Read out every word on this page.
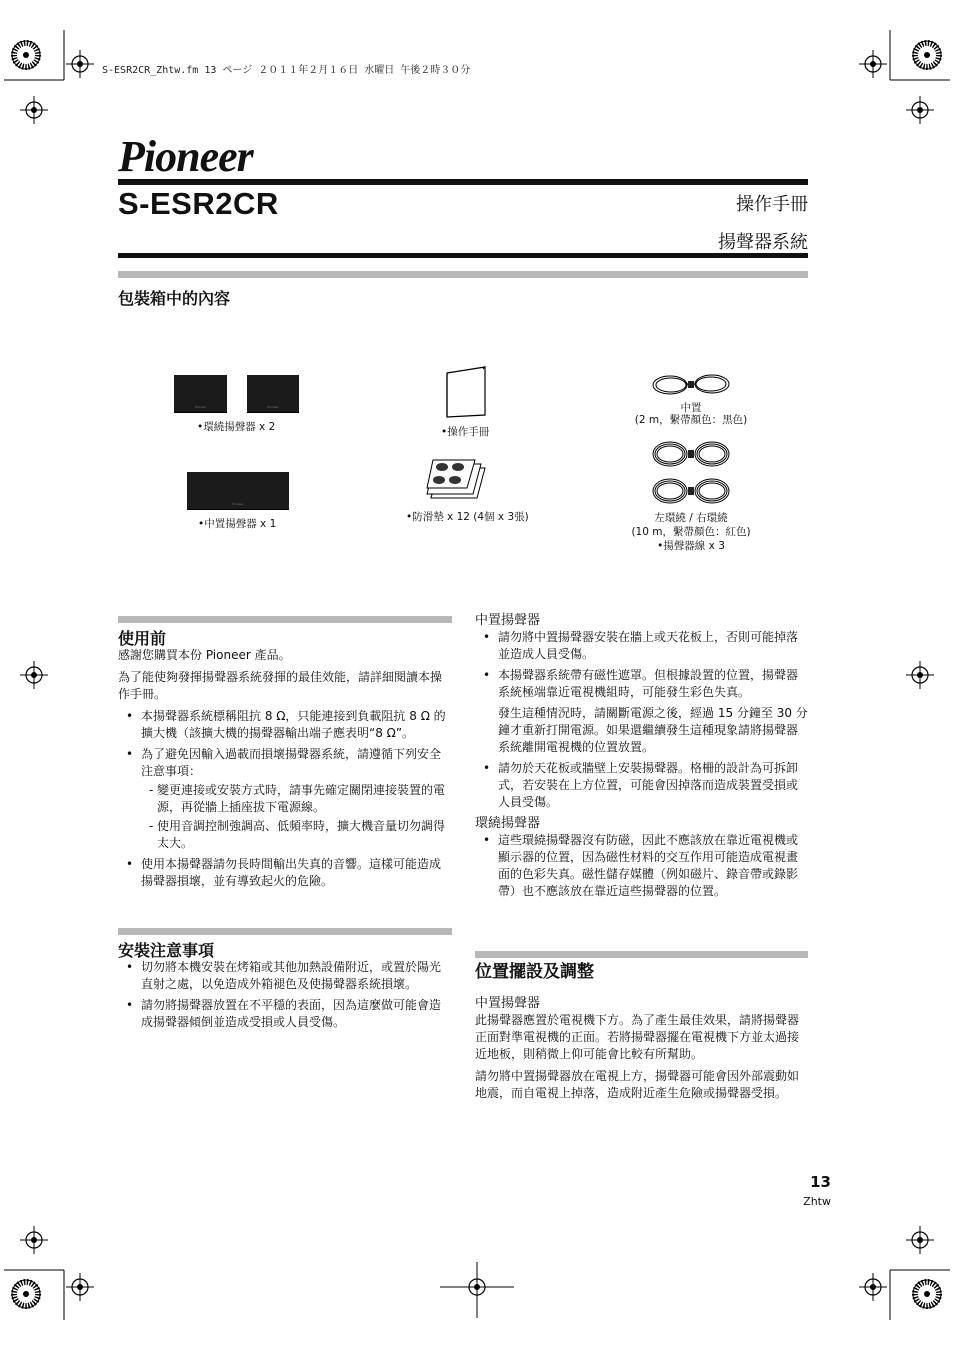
S-ESR2CR_Zhtw.fm 13 ページ ２０１１年２月１６日 水曜日 午後２時３０分
Pioneer
S-ESR2CR	操作手冊
揚聲器系統
包裝箱中的內容
Pioneer	Pioneer
•環繞揚聲器 x 2
Pioneer
•中置揚聲器 x 1
•操作手冊
•防滑墊 x 12 (4個 x 3張)
中置
(2 m，繫帶顏色：黑色)
左環繞 / 右環繞
(10 m，繫帶顏色：紅色)
•揚聲器線 x 3
使用前

感謝您購買本份 Pioneer 產品。

為了能使夠發揮揚聲器系統發揮的最佳效能，請詳細閱讀本操作手冊。

• 本揚聲器系統標稱阻抗 8 Ω，只能連接到負載阻抗 8 Ω 的擴大機（該擴大機的揚聲器輸出端子應表明“8 Ω”。
• 為了避免因輸入過載而損壞揚聲器系統，請遵循下列安全注意事項：
- 變更連接或安裝方式時，請事先確定關閉連接裝置的電源，再從牆上插座拔下電源線。
- 使用音調控制強調高、低頻率時，擴大機音量切勿調得太大。
• 使用本揚聲器請勿長時間輸出失真的音響。這樣可能造成揚聲器損壞，並有導致起火的危險。
安裝注意事項
• 切勿將本機安裝在烤箱或其他加熱設備附近，或置於陽光直射之處，以免造成外箱褪色及使揚聲器系統損壞。
• 請勿將揚聲器放置在不平穩的表面，因為這麼做可能會造成揚聲器傾倒並造成受損或人員受傷。
中置揚聲器
• 請勿將中置揚聲器安裝在牆上或天花板上，否則可能掉落並造成人員受傷。
• 本揚聲器系統帶有磁性遮罩。但根據設置的位置，揚聲器系統極端靠近電視機組時，可能發生彩色失真。
發生這種情況時，請關斷電源之後，經過 15 分鐘至 30 分鐘才重新打開電源。如果還繼續發生這種現象請將揚聲器系統離開電視機的位置放置。
• 請勿於天花板或牆壁上安裝揚聲器。格柵的設計為可拆卸式，若安裝在上方位置，可能會因掉落而造成裝置受損或人員受傷。
環繞揚聲器
• 這些環繞揚聲器沒有防磁，因此不應該放在靠近電視機或顯示器的位置，因為磁性材料的交互作用可能造成電視畫面的色彩失真。磁性儲存媒體（例如磁片、錄音帶或錄影帶）也不應該放在靠近這些揚聲器的位置。
位置擺設及調整
中置揚聲器

此揚聲器應置於電視機下方。為了產生最佳效果，請將揚聲器正面對準電視機的正面。若將揚聲器擺在電視機下方並太過接近地板，則稍微上仰可能會比較有所幫助。

請勿將中置揚聲器放在電視上方，揚聲器可能會因外部震動如地震，而自電視上掉落，造成附近產生危險或揚聲器受損。

13
Zhtw
